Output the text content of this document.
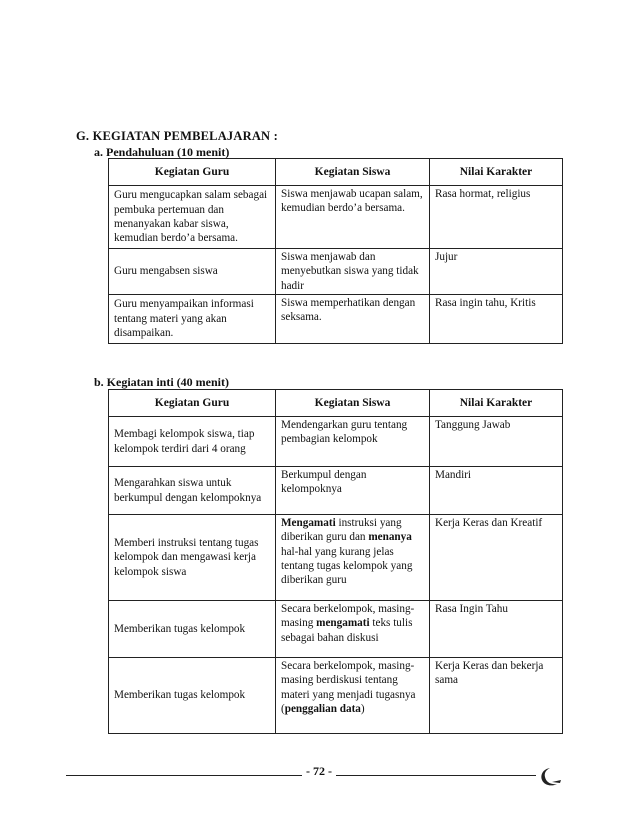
G. KEGIATAN PEMBELAJARAN :
a. Pendahuluan (10 menit)
Kegiatan Guru	Kegiatan Siswa	Nilai Karakter

Guru mengucapkan salam sebagai pembuka pertemuan dan menanyakan kabar siswa, kemudian berdo’a bersama.	Siswa menjawab ucapan salam, kemudian berdo’a bersama.	Rasa hormat, religius

Guru mengabsen siswa	Siswa menjawab dan menyebutkan siswa yang tidak hadir	Jujur

Guru menyampaikan informasi tentang materi yang akan disampaikan.	Siswa memperhatikan dengan seksama.	Rasa ingin tahu, Kritis
b. Kegiatan inti (40 menit)
Kegiatan Guru	Kegiatan Siswa	Nilai Karakter

Membagi kelompok siswa, tiap kelompok terdiri dari 4 orang	Mendengarkan guru tentang pembagian kelompok	Tanggung Jawab

Mengarahkan siswa untuk berkumpul dengan kelompoknya	Berkumpul dengan kelompoknya	Mandiri

Memberi instruksi tentang tugas kelompok dan mengawasi kerja kelompok siswa	Mengamati instruksi yang diberikan guru dan menanya hal-hal yang kurang jelas tentang tugas kelompok yang diberikan guru	Kerja Keras dan Kreatif

Memberikan tugas kelompok	Secara berkelompok, masing-masing mengamati teks tulis sebagai bahan diskusi	Rasa Ingin Tahu

Memberikan tugas kelompok	Secara berkelompok, masing-masing berdiskusi tentang materi yang menjadi tugasnya (penggalian data)	Kerja Keras dan bekerja sama
- 72 -
